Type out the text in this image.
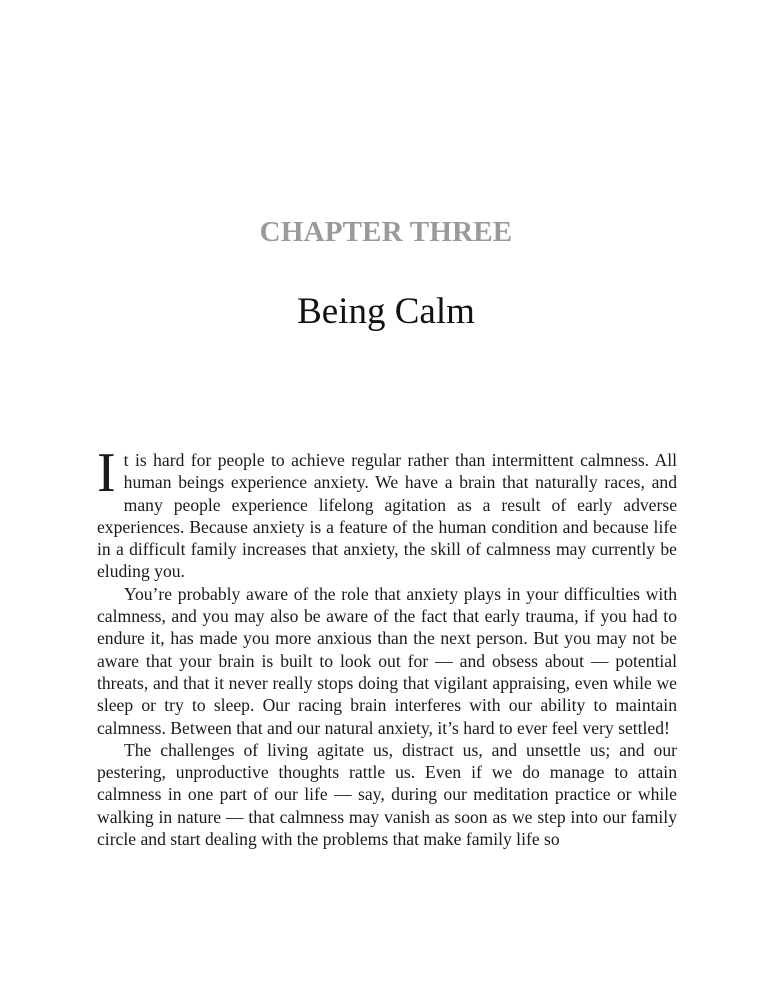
CHAPTER THREE
Being Calm

It is hard for people to achieve regular rather than intermittent calmness. All human beings experience anxiety. We have a brain that naturally races, and many people experience lifelong agitation as a result of early adverse experiences. Because anxiety is a feature of the human condition and because life in a difficult family increases that anxiety, the skill of calmness may currently be eluding you.

You’re probably aware of the role that anxiety plays in your difficulties with calmness, and you may also be aware of the fact that early trauma, if you had to endure it, has made you more anxious than the next person. But you may not be aware that your brain is built to look out for — and obsess about — potential threats, and that it never really stops doing that vigilant appraising, even while we sleep or try to sleep. Our racing brain interferes with our ability to maintain calmness. Between that and our natural anxiety, it’s hard to ever feel very settled!

The challenges of living agitate us, distract us, and unsettle us; and our pestering, unproductive thoughts rattle us. Even if we do manage to attain calmness in one part of our life — say, during our meditation practice or while walking in nature — that calmness may vanish as soon as we step into our family circle and start dealing with the problems that make family life so
